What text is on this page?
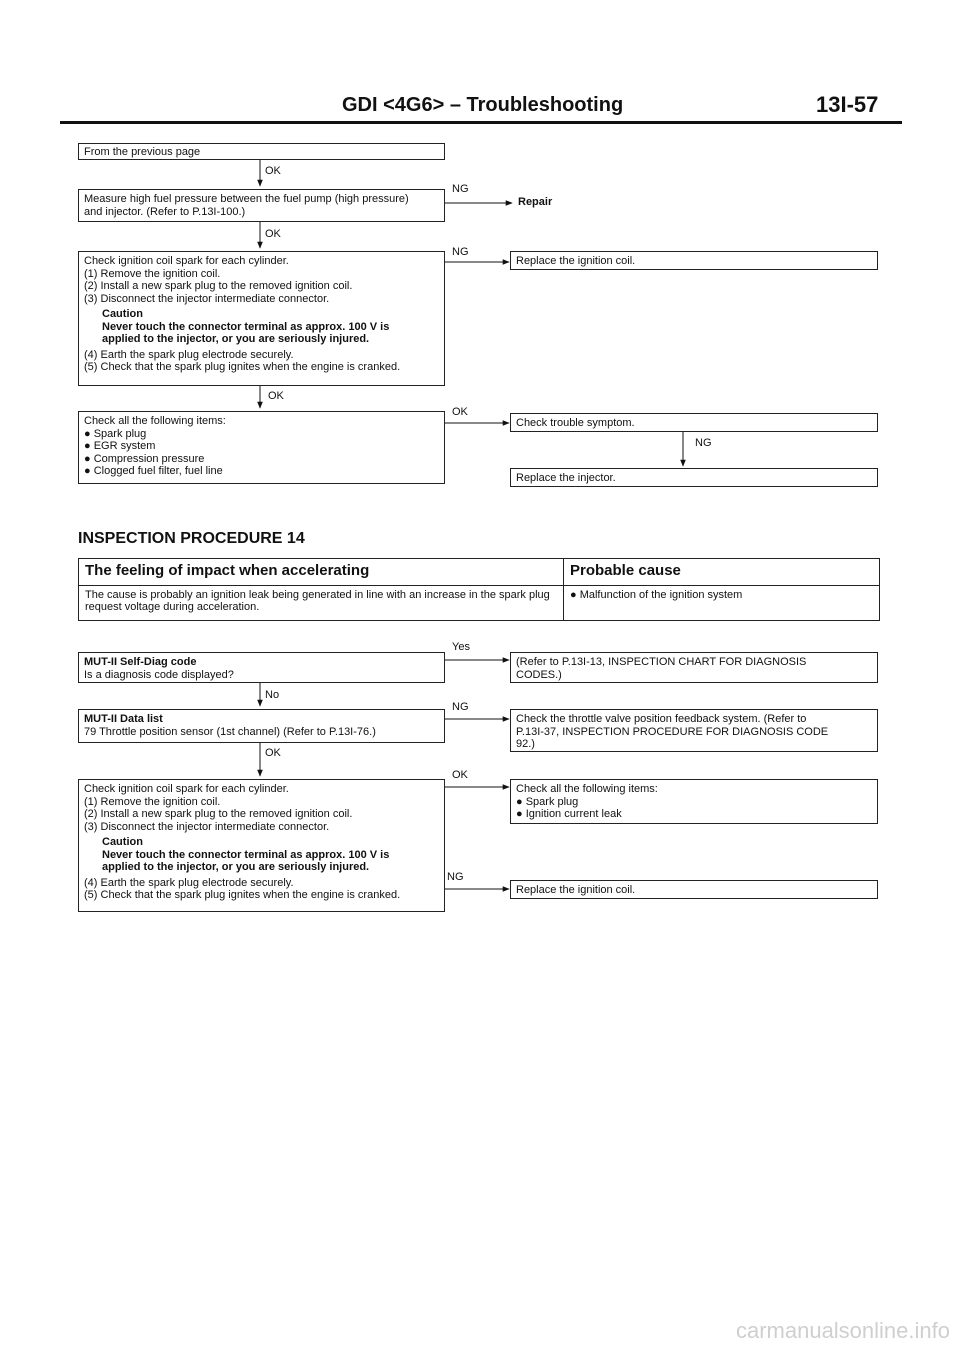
GDI <4G6> – Troubleshooting	13I-57
From the previous page
OK
Measure high fuel pressure between the fuel pump (high pressure)
and injector. (Refer to P.13I-100.)
NG
Repair
OK
Check ignition coil spark for each cylinder.
(1) Remove the ignition coil.
(2) Install a new spark plug to the removed ignition coil.
(3) Disconnect the injector intermediate connector.
Caution
Never touch the connector terminal as approx. 100 V is
applied to the injector, or you are seriously injured.
(4) Earth the spark plug electrode securely.
(5) Check that the spark plug ignites when the engine is cranked.
NG
Replace the ignition coil.
OK
Check all the following items:
● Spark plug
● EGR system
● Compression pressure
● Clogged fuel filter, fuel line
OK
Check trouble symptom.
NG
Replace the injector.
INSPECTION PROCEDURE 14
The feeling of impact when accelerating	Probable cause
The cause is probably an ignition leak being generated in line with an increase in the spark plug request voltage during acceleration.	● Malfunction of the ignition system
MUT-II Self-Diag code
Is a diagnosis code displayed?
Yes
(Refer to P.13I-13, INSPECTION CHART FOR DIAGNOSIS
CODES.)
No
MUT-II Data list
79 Throttle position sensor (1st channel) (Refer to P.13I-76.)
NG
Check the throttle valve position feedback system. (Refer to
P.13I-37, INSPECTION PROCEDURE FOR DIAGNOSIS CODE
92.)
OK
Check ignition coil spark for each cylinder.
(1) Remove the ignition coil.
(2) Install a new spark plug to the removed ignition coil.
(3) Disconnect the injector intermediate connector.
Caution
Never touch the connector terminal as approx. 100 V is
applied to the injector, or you are seriously injured.
(4) Earth the spark plug electrode securely.
(5) Check that the spark plug ignites when the engine is cranked.
OK
Check all the following items:
● Spark plug
● Ignition current leak
NG
Replace the ignition coil.
carmanualsonline.info
